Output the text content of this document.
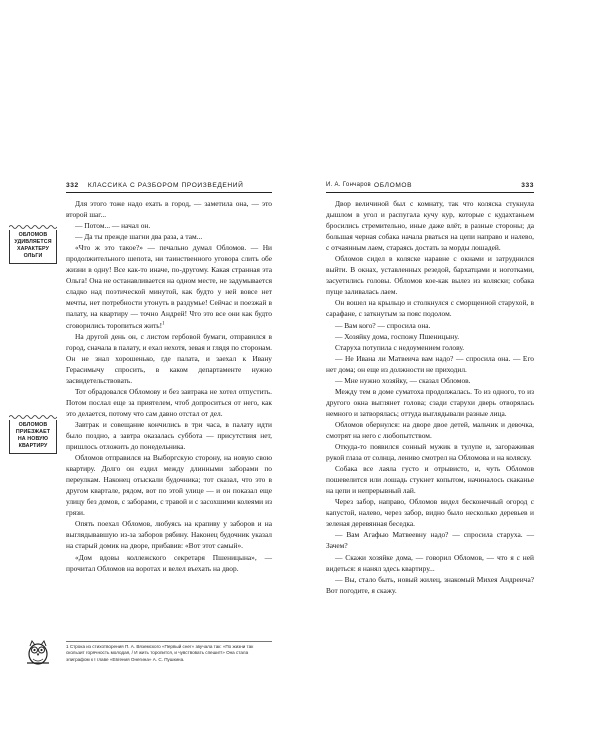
332 КЛАССИКА С РАЗБОРОМ ПРОИЗВЕДЕНИЙ
ОБЛОМОВ УДИВЛЯЕТСЯ ХАРАКТЕРУ ОЛЬГИ
ОБЛОМОВ ПРИЕЗЖАЕТ НА НОВУЮ КВАРТИРУ

Для этого тоже надо ехать в город, — заметила она, — это второй шаг...

— Потом... — начал он.

— Да ты прежде шагни два раза, а там...

«Что ж это такое?» — печально думал Обломов. — Ни продолжительного шепота, ни таинственного уговора слить обе жизни в одну! Все как-то иначе, по-другому. Какая странная эта Ольга! Она не останавливается на одном месте, не задумывается сладко над поэтической минутой, как будто у ней вовсе нет мечты, нет потребности утонуть в раздумье! Сейчас и поезжай в палату, на квартиру — точно Андрей! Что это все они как будто сговорились торопиться жить!$^1$

На другой день он, с листом гербовой бумаги, отправился в город, сначала в палату, и ехал нехотя, зевая и глядя по сторонам. Он не знал хорошенько, где палата, и заехал к Ивану Герасимычу спросить, в каком департаменте нужно засвидетельствовать.

Тот обрадовался Обломову и без завтрака не хотел отпустить. Потом послал еще за приятелем, чтоб допроситься от него, как это делается, потому что сам давно отстал от дел.

Завтрак и совещание кончились в три часа, в палату идти было поздно, а завтра оказалась суббота — присутствия нет, пришлось отложить до понедельника.

Обломов отправился на Выборгскую сторону, на новую свою квартиру. Долго он ездил между длинными заборами по переулкам. Наконец отыскали будочника; тот сказал, что это в другом квартале, рядом, вот по этой улице — и он показал еще улицу без домов, с заборами, с травой и с засохшими колеями из грязи.

Опять поехал Обломов, любуясь на крапиву у заборов и на выглядывавшую из-за заборов рябину. Наконец будочник указал на старый домик на дворе, прибавив: «Вот этот самый».

«Дом вдовы коллежского секретаря Пшеницына», — прочитал Обломов на воротах и велел въехать на двор.

1 Строка из стихотворения П. А. Вяземского «Первый снег» звучала так: «По жизни так скользит горячность молодая, / И жить торопится, и чувствовать спешит!» Она стала эпиграфом к I главе «Евгения Онегина» А. С. Пушкина.
И. А. Гончаров ОБЛОМОВ	333

Двор величиной был с комнату, так что коляска стукнула дышлом в угол и распугала кучу кур, которые с кудахтаньем бросились стремительно, иные даже влёт, в разные стороны; да большая черная собака начала рваться на цепи направо и налево, с отчаянным лаем, стараясь достать за морды лошадей.

Обломов сидел в коляске наравне с окнами и затруднился выйти. В окнах, уставленных резедой, бархатцами и ноготками, засуетились головы. Обломов кое-как вылез из коляски; собака пуще заливалась лаем.

Он вошел на крыльцо и столкнулся с сморщенной старухой, в сарафане, с заткнутым за пояс подолом.

— Вам кого? — спросила она.

— Хозяйку дома, госпожу Пшеницыну.

Старуха потупила с недоумением голову.

— Не Ивана ли Матвеича вам надо? — спросила она. — Его нет дома; он еще из должности не приходил.

— Мне нужно хозяйку, — сказал Обломов.

Между тем в доме суматоха продолжалась. То из одного, то из другого окна выглянет голова; сзади старухи дверь отворялась немного и затворялась; оттуда выглядывали разные лица.

Обломов обернулся: на дворе двое детей, мальчик и девочка, смотрят на него с любопытством.

Откуда-то появился сонный мужик в тулупе и, загораживая рукой глаза от солнца, лениво смотрел на Обломова и на коляску.

Собака все лаяла густо и отрывисто, и, чуть Обломов пошевелится или лошадь стукнет копытом, начиналось скаканье на цепи и непрерывный лай.

Через забор, направо, Обломов видел бесконечный огород с капустой, налево, через забор, видно было несколько деревьев и зеленая деревянная беседка.

— Вам Агафью Матвеевну надо? — спросила старуха. — Зачем?

— Скажи хозяйке дома, — говорил Обломов, — что я с ней видеться: я нанял здесь квартиру...

— Вы, стало быть, новый жилец, знакомый Михея Андреича? Вот погодите, я скажу.
